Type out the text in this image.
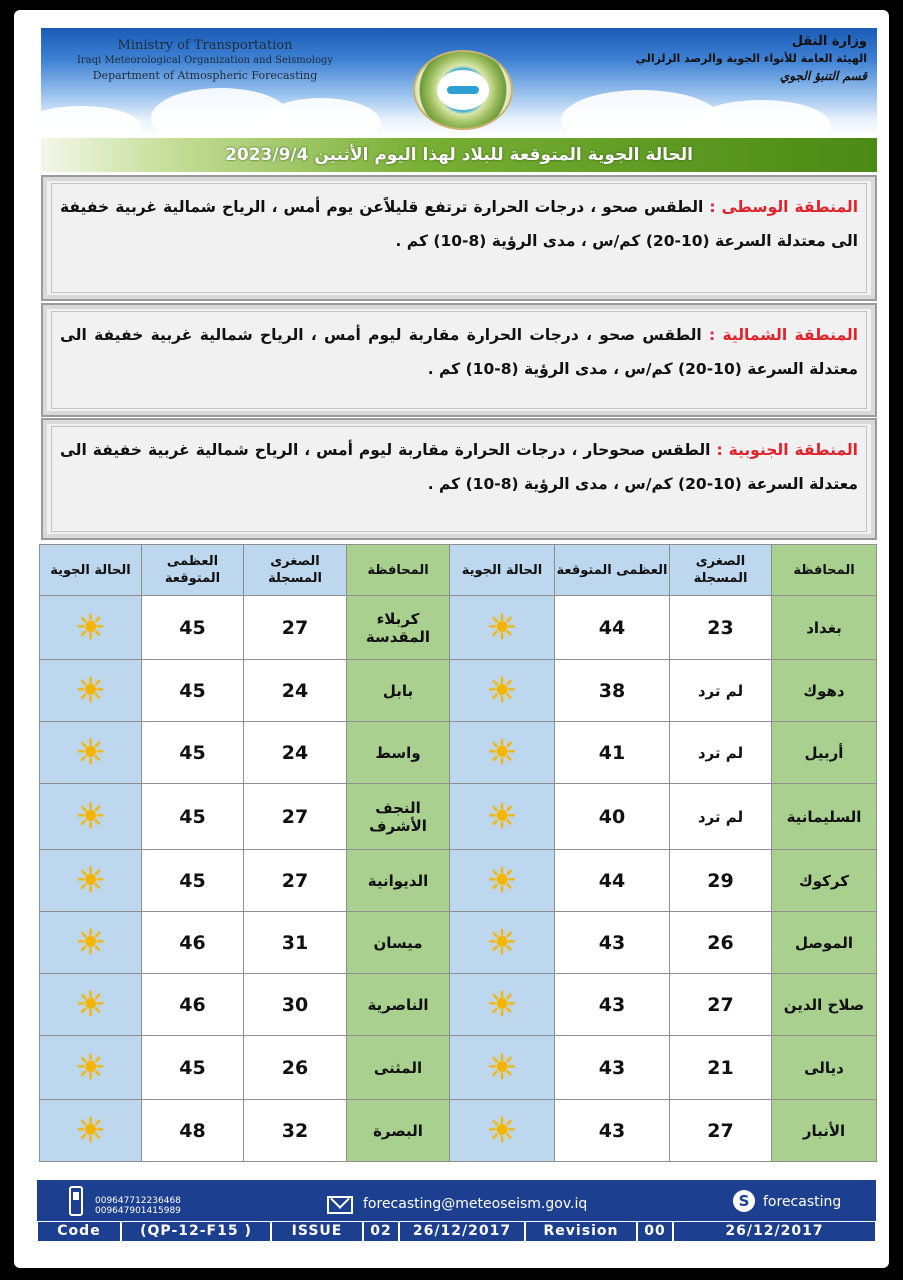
Ministry of Transportation
Iraqi Meteorological Organization and Seismology
Department of Atmospheric Forecasting
وزارة النقل
الهيئة العامة للأنواء الجوية والرصد الزلزالي
قسم التنبؤ الجوي
الحالة الجوية المتوقعة للبلاد لهذا اليوم الأثنين 2023/9/4

المنطقة الوسطى : الطقس صحو ، درجات الحرارة ترتفع قليلاًعن يوم أمس ، الرياح شمالية غربية خفيفة الى معتدلة السرعة (10-20) كم/س ، مدى الرؤية (8-10) كم .

المنطقة الشمالية : الطقس صحو ، درجات الحرارة مقاربة ليوم أمس ، الرياح شمالية غربية خفيفة الى معتدلة السرعة (10-20) كم/س ، مدى الرؤية (8-10) كم .

المنطقة الجنوبية : الطقس صحوحار ، درجات الحرارة مقاربة ليوم أمس ، الرياح شمالية غربية خفيفة الى معتدلة السرعة (10-20) كم/س ، مدى الرؤية (8-10) كم .

المحافظة	الصغرى المسجلة	العظمى المتوقعة	الحالة الجوية	المحافظة	الصغرى المسجلة	العظمى المتوقعة	الحالة الجوية
بغداد	23	44	☀	كربلاء المقدسة	27	45	☀
دهوك	لم ترد	38	☀	بابل	24	45	☀
أربيل	لم ترد	41	☀	واسط	24	45	☀
السليمانية	لم ترد	40	☀	النجف الأشرف	27	45	☀
كركوك	29	44	☀	الديوانية	27	45	☀
الموصل	26	43	☀	ميسان	31	46	☀
صلاح الدين	27	43	☀	الناصرية	30	46	☀
ديالى	21	43	☀	المثنى	26	45	☀
الأنبار	27	43	☀	البصرة	32	48	☀
009647712236468
009647901415989	forecasting@meteoseism.gov.iq	S forecasting
Code	(QP-12-F15 )	ISSUE	02	26/12/2017	Revision	00	26/12/2017
